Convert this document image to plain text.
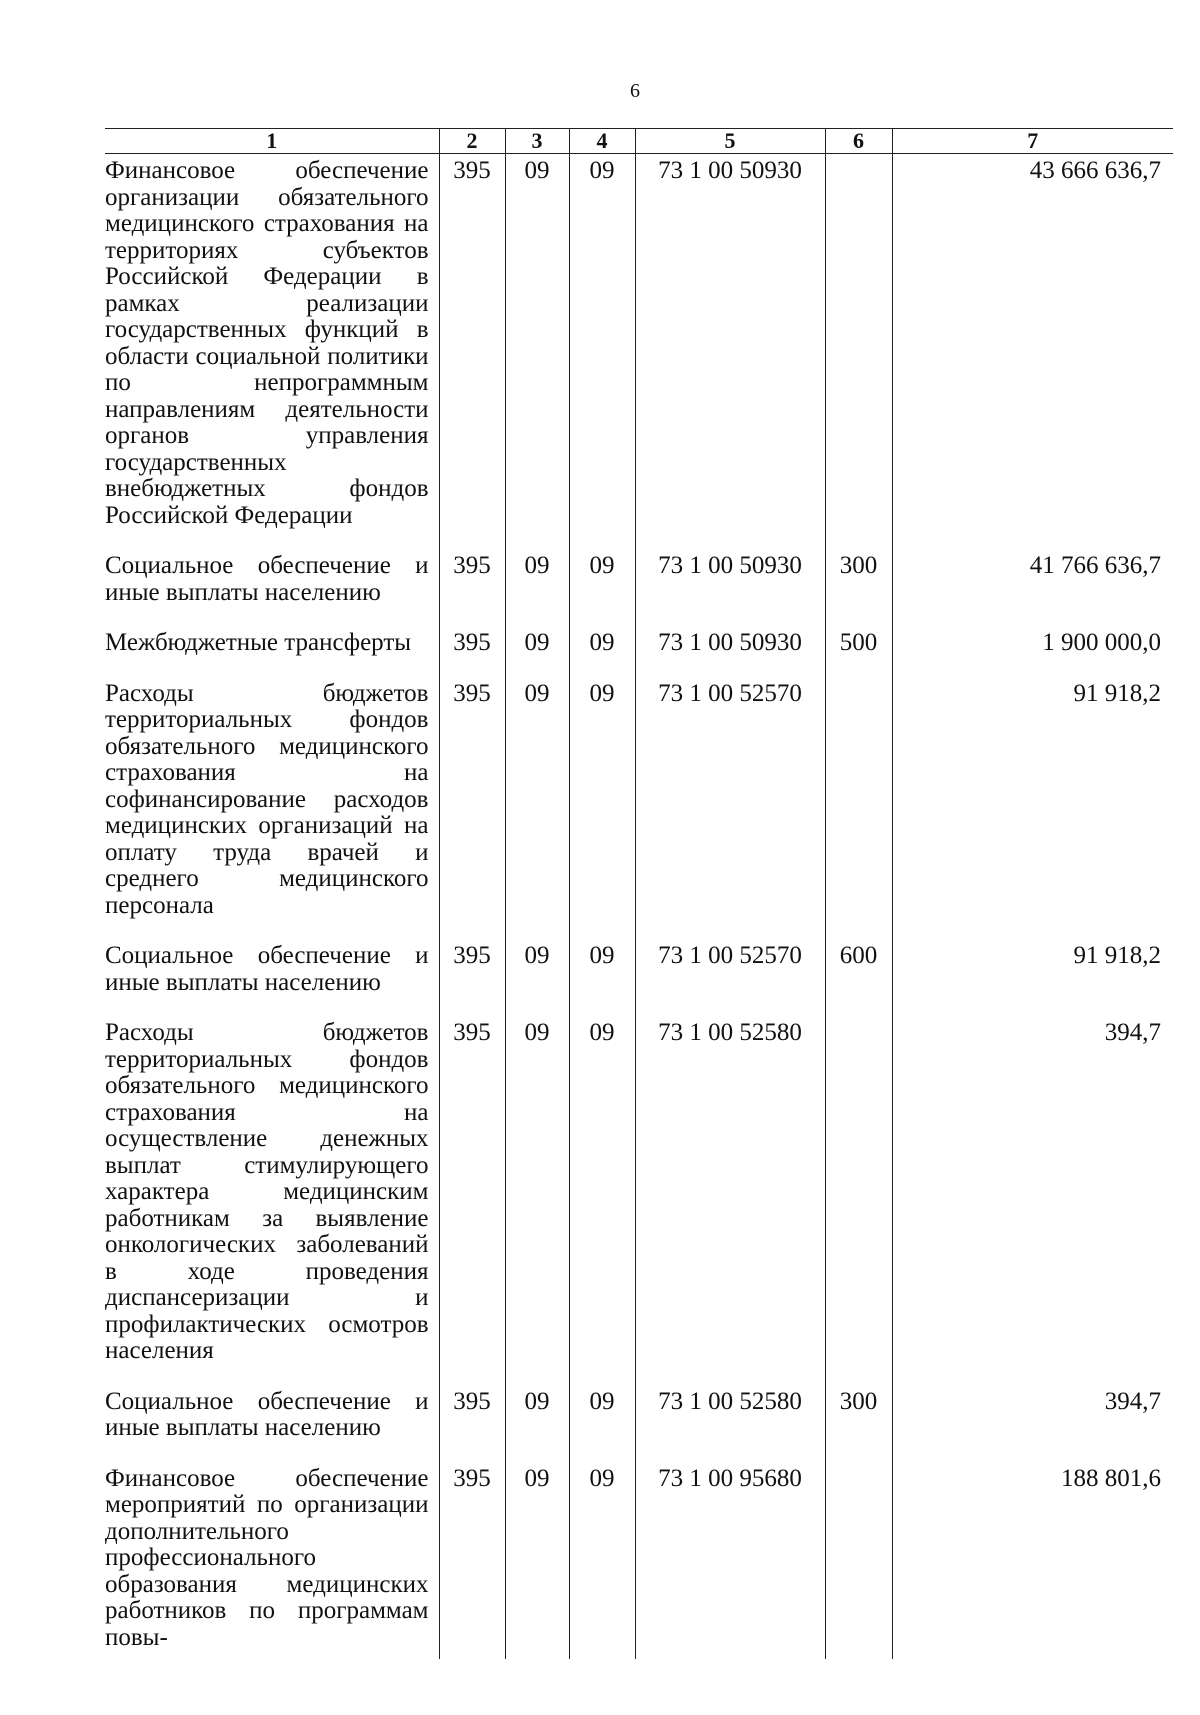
6
1	2	3	4	5	6	7
Финансовое обеспечение организации обязательного медицинского страхования на территориях субъектов Российской Федерации в рамках реализации государственных функций в области социальной политики по непрограммным направлениям деятельности органов управления государственных внебюджетных фондов Российской Федерации	395	09	09	73 1 00 50930		43 666 636,7
Социальное обеспечение и иные выплаты населению	395	09	09	73 1 00 50930	300	41 766 636,7
Межбюджетные трансферты	395	09	09	73 1 00 50930	500	1 900 000,0
Расходы бюджетов территориальных фондов обязательного медицинского страхования на софинансирование расходов медицинских организаций на оплату труда врачей и среднего медицинского персонала	395	09	09	73 1 00 52570		91 918,2
Социальное обеспечение и иные выплаты населению	395	09	09	73 1 00 52570	600	91 918,2
Расходы бюджетов территориальных фондов обязательного медицинского страхования на осуществление денежных выплат стимулирующего характера медицинским работникам за выявление онкологических заболеваний в ходе проведения диспансеризации и профилактических осмотров населения	395	09	09	73 1 00 52580		394,7
Социальное обеспечение и иные выплаты населению	395	09	09	73 1 00 52580	300	394,7
Финансовое обеспечение мероприятий по организации дополнительного профессионального образования медицинских работников по программам повы-	395	09	09	73 1 00 95680		188 801,6
